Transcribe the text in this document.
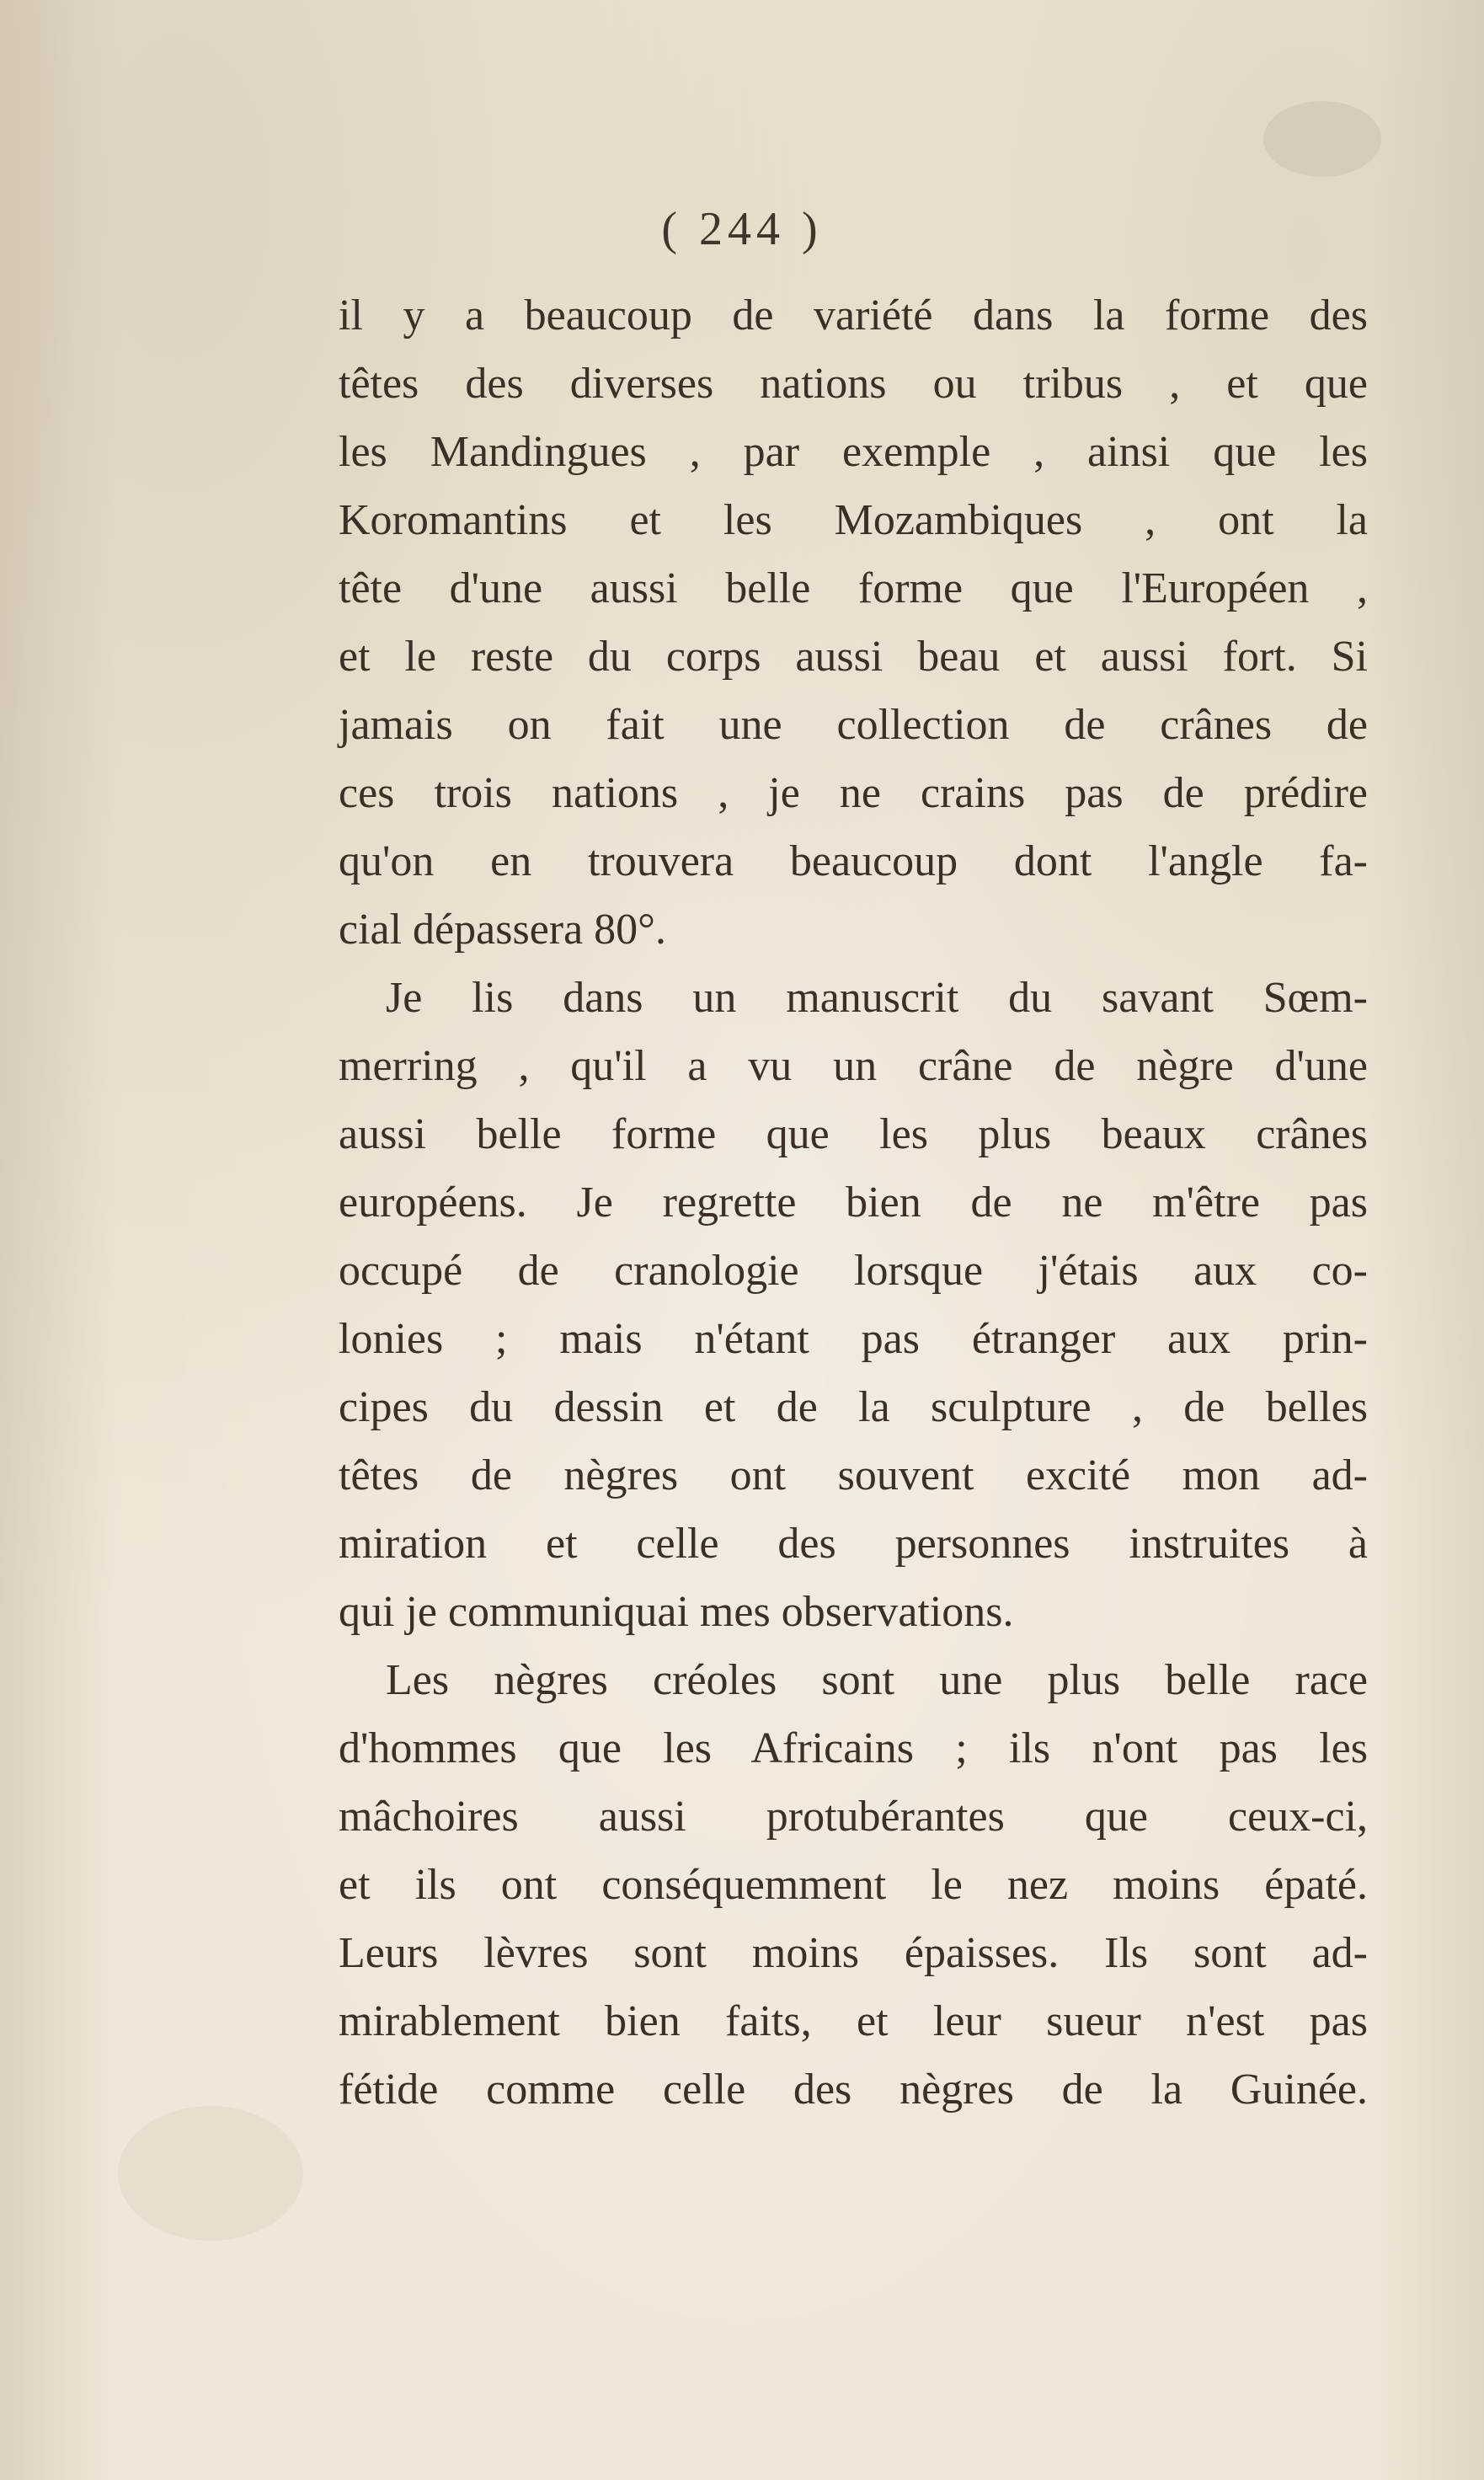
( 244 )
il y a beaucoup de variété dans la forme des
têtes des diverses nations ou tribus , et que
les Mandingues , par exemple , ainsi que les
Koromantins et les Mozambiques , ont la
tête d'une aussi belle forme que l'Européen ,
et le reste du corps aussi beau et aussi fort. Si
jamais on fait une collection de crânes de
ces trois nations , je ne crains pas de prédire
qu'on en trouvera beaucoup dont l'angle fa-
cial dépassera 80°.
Je lis dans un manuscrit du savant Sœm-
merring , qu'il a vu un crâne de nègre d'une
aussi belle forme que les plus beaux crânes
européens. Je regrette bien de ne m'être pas
occupé de cranologie lorsque j'étais aux co-
lonies ; mais n'étant pas étranger aux prin-
cipes du dessin et de la sculpture , de belles
têtes de nègres ont souvent excité mon ad-
miration et celle des personnes instruites à
qui je communiquai mes observations.
Les nègres créoles sont une plus belle race
d'hommes que les Africains ; ils n'ont pas les
mâchoires aussi protubérantes que ceux-ci,
et ils ont conséquemment le nez moins épaté.
Leurs lèvres sont moins épaisses. Ils sont ad-
mirablement bien faits, et leur sueur n'est pas
fétide comme celle des nègres de la Guinée.
